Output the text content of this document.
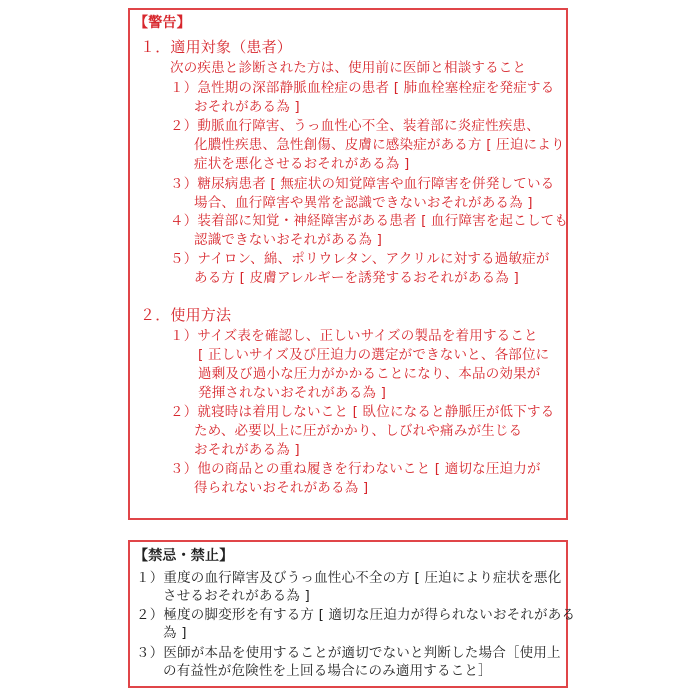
【警告】
１．適用対象（患者）
次の疾患と診断された方は、使用前に医師と相談すること
１）急性期の深部静脈血栓症の患者 [ 肺血栓塞栓症を発症する
おそれがある為 ]
２）動脈血行障害、うっ血性心不全、装着部に炎症性疾患、
化膿性疾患、急性創傷、皮膚に感染症がある方 [ 圧迫により
症状を悪化させるおそれがある為 ]
３）糖尿病患者 [ 無症状の知覚障害や血行障害を併発している
場合、血行障害や異常を認識できないおそれがある為 ]
４）装着部に知覚・神経障害がある患者 [ 血行障害を起こしても
認識できないおそれがある為 ]
５）ナイロン、綿、ポリウレタン、アクリルに対する過敏症が
ある方 [ 皮膚アレルギーを誘発するおそれがある為 ]
２．使用方法
１）サイズ表を確認し、正しいサイズの製品を着用すること
[ 正しいサイズ及び圧迫力の選定ができないと、各部位に
過剰及び過小な圧力がかかることになり、本品の効果が
発揮されないおそれがある為 ]
２）就寝時は着用しないこと [ 臥位になると静脈圧が低下する
ため、必要以上に圧がかかり、しびれや痛みが生じる
おそれがある為 ]
３）他の商品との重ね履きを行わないこと [ 適切な圧迫力が
得られないおそれがある為 ]
【禁忌・禁止】
１）重度の血行障害及びうっ血性心不全の方 [ 圧迫により症状を悪化
させるおそれがある為 ]
２）極度の脚変形を有する方 [ 適切な圧迫力が得られないおそれがある
為 ]
３）医師が本品を使用することが適切でないと判断した場合［使用上
の有益性が危険性を上回る場合にのみ適用すること］
